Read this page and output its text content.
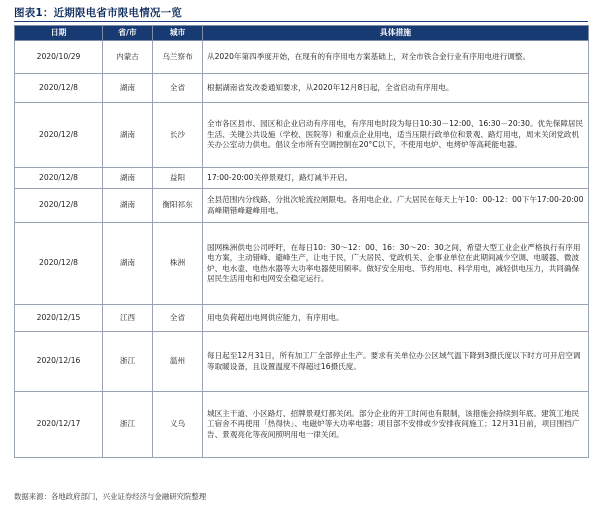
图表1：近期限电省市限电情况一览
日期	省/市	城市	具体措施
2020/10/29	内蒙古	乌兰察布	从2020年第四季度开始，在现有的有序用电方案基础上，对全市铁合金行业有序用电进行调整。
2020/12/8	湖南	全省	根据湖南省发改委通知要求，从2020年12月8日起，全省启动有序用电。
2020/12/8	湖南	长沙	全市各区县市、园区和企业启动有序用电，有序用电时段为每日10:30－12:00、16:30－20:30。优先保障居民生活、关键公共设施（学校、医院等）和重点企业用电，适当压限行政单位和景观、路灯用电，周末关闭党政机关办公室动力供电。倡议全市所有空调控制在20°C以下，不使用电炉、电烤炉等高耗能电器。
2020/12/8	湖南	益阳	17:00-20:00关停景观灯，路灯减半开启。
2020/12/8	湖南	衡阳祁东	全县范围内分线路、分批次轮流拉闸限电。各用电企业、广大居民在每天上午10：00-12：00下午17:00-20:00高峰期错峰避峰用电。
2020/12/8	湖南	株洲	国网株洲供电公司呼吁，在每日10：30～12：00、16：30～20：30之间，希望大型工业企业严格执行有序用电方案，主动错峰、避峰生产，让电于民，广大居民、党政机关、企事业单位在此期间减少空调、电暖器、微波炉、电水壶、电热水器等大功率电器使用频率。做好安全用电、节约用电、科学用电，减轻供电压力，共同确保居民生活用电和电网安全稳定运行。
2020/12/15	江西	全省	用电负荷超出电网供应能力，有序用电。
2020/12/16	浙江	温州	每日起至12月31日，所有加工厂全部停止生产。要求有关单位办公区域气温下降到3摄氏度以下时方可开启空调等取暖设备，且设置温度不得超过16摄氏度。
2020/12/17	浙江	义乌	城区主干道、小区路灯、招牌景观灯都关闭。部分企业的开工时间也有限制，该措施会持续到年底。建筑工地民工宿舍不再使用「热得快」、电磁炉等大功率电器；项目部不安排或少安排夜间施工；12月31日前，项目围挡广告、景观亮化等夜间照明用电一律关闭。
数据来源：各地政府部门，兴业证券经济与金融研究院整理
